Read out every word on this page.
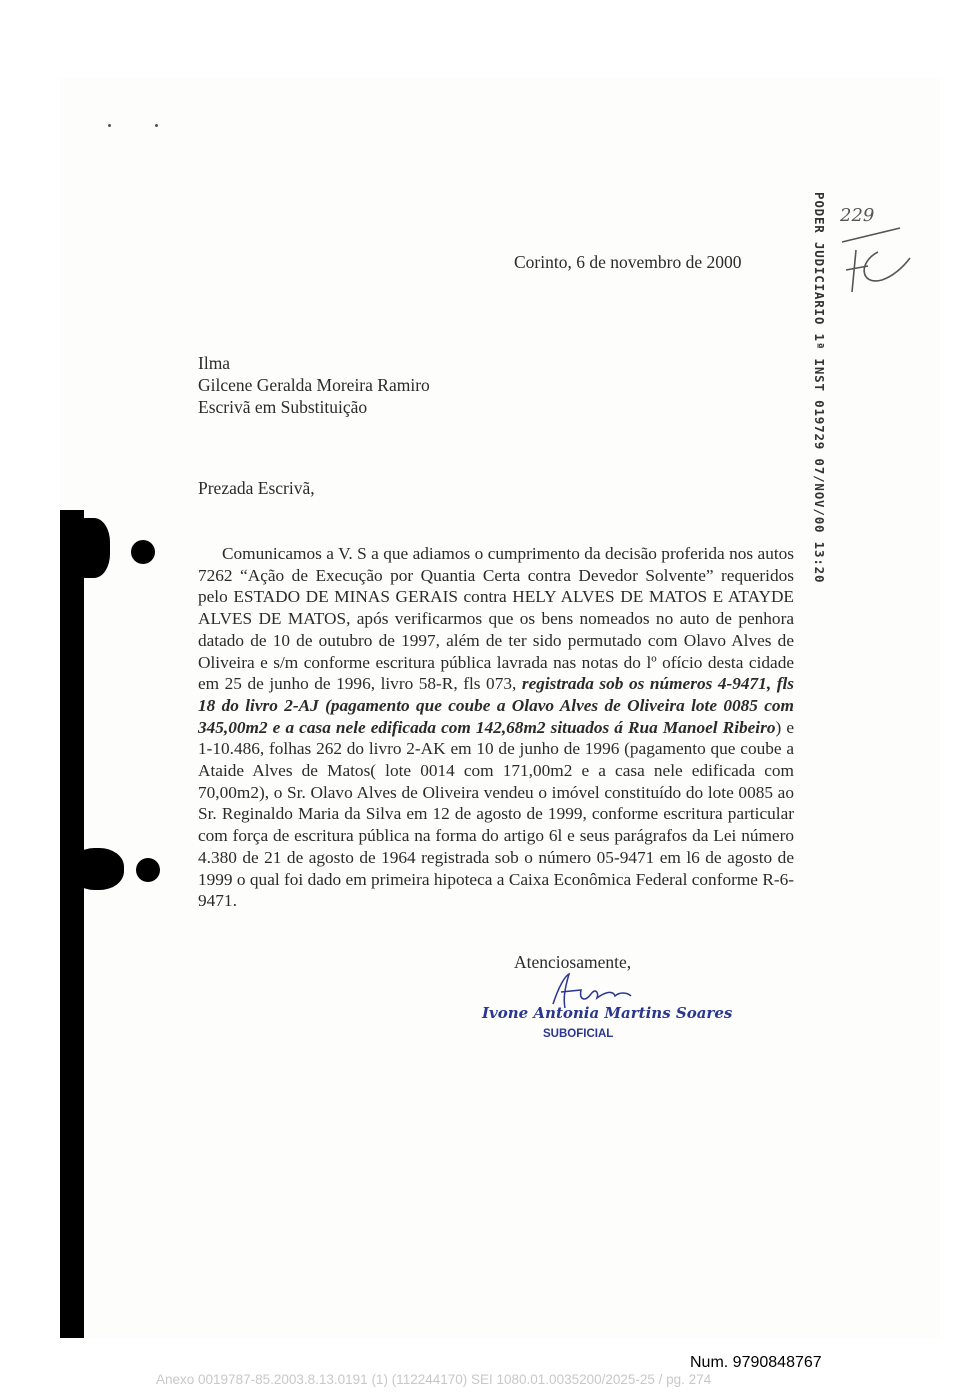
PODER JUDICIARIO 1ª INST 019729 07/NOV/00 13:20 229
Corinto, 6 de novembro de 2000
Ilma
Gilcene Geralda Moreira Ramiro
Escrivã em Substituição
Prezada Escrivã,
Comunicamos a V. S a que adiamos o cumprimento da decisão proferida nos autos 7262 “Ação de Execução por Quantia Certa contra Devedor Solvente” requeridos pelo ESTADO DE MINAS GERAIS contra HELY ALVES DE MATOS E ATAYDE ALVES DE MATOS, após verificarmos que os bens nomeados no auto de penhora datado de 10 de outubro de 1997, além de ter sido permutado com Olavo Alves de Oliveira e s/m conforme escritura pública lavrada nas notas do lº ofício desta cidade em 25 de junho de 1996, livro 58-R, fls 073, registrada sob os números 4-9471, fls 18 do livro 2-AJ (pagamento que coube a Olavo Alves de Oliveira lote 0085 com 345,00m2 e a casa nele edificada com 142,68m2 situados á Rua Manoel Ribeiro) e 1-10.486, folhas 262 do livro 2-AK em 10 de junho de 1996 (pagamento que coube a Ataide Alves de Matos( lote 0014 com 171,00m2 e a casa nele edificada com 70,00m2), o Sr. Olavo Alves de Oliveira vendeu o imóvel constituído do lote 0085 ao Sr. Reginaldo Maria da Silva em 12 de agosto de 1999, conforme escritura particular com força de escritura pública na forma do artigo 6l e seus parágrafos da Lei número 4.380 de 21 de agosto de 1964 registrada sob o número 05-9471 em l6 de agosto de 1999 o qual foi dado em primeira hipoteca a Caixa Econômica Federal conforme R-6-9471.
Atenciosamente,
Ivone Antonia Martins Soares
SUBOFICIAL
Num. 9790848767
Anexo 0019787-85.2003.8.13.0191 (1) (112244170) SEI 1080.01.0035200/2025-25 / pg. 274
